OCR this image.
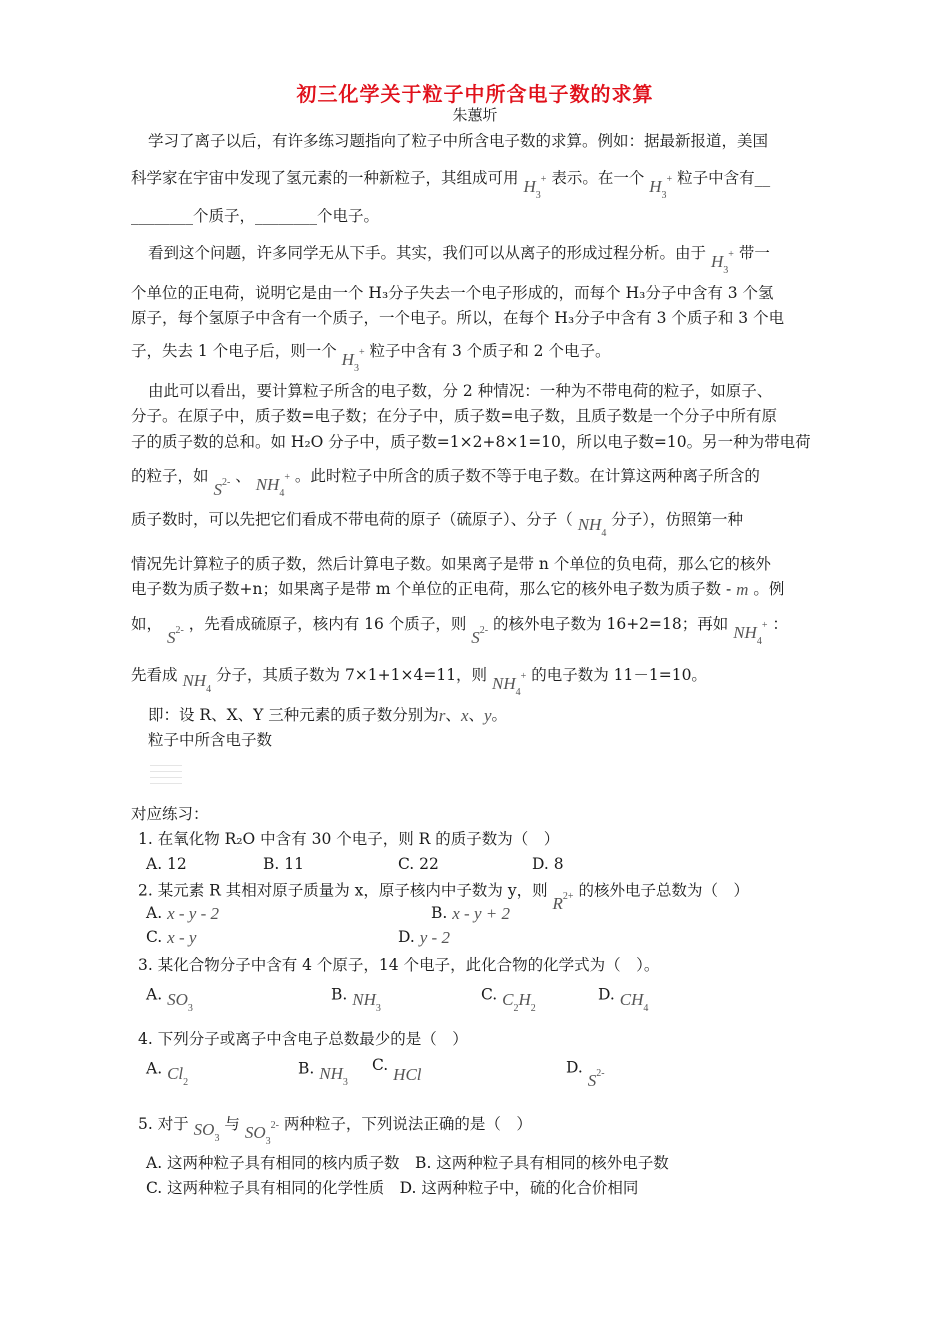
初三化学关于粒子中所含电子数的求算
朱蕙圻
学习了离子以后，有许多练习题指向了粒子中所含电子数的求算。例如：据最新报道，美国
科学家在宇宙中发现了氢元素的一种新粒子，其组成可用 $H_3^+$ 表示。在一个 $H_3^+$ 粒子中含有__
________个质子，________个电子。
看到这个问题，许多同学无从下手。其实，我们可以从离子的形成过程分析。由于 $H_3^+$ 带一
个单位的正电荷，说明它是由一个 H₃分子失去一个电子形成的，而每个 H₃分子中含有 3 个氢
原子，每个氢原子中含有一个质子，一个电子。所以，在每个 H₃分子中含有 3 个质子和 3 个电
子，失去 1 个电子后，则一个 $H_3^+$ 粒子中含有 3 个质子和 2 个电子。
由此可以看出，要计算粒子所含的电子数，分 2 种情况：一种为不带电荷的粒子，如原子、
分子。在原子中，质子数=电子数；在分子中，质子数=电子数，且质子数是一个分子中所有原
子的质子数的总和。如 H₂O 分子中，质子数=1×2+8×1=10，所以电子数=10。另一种为带电荷
的粒子，如 $S^{2-}$ 、 $NH_4^+$ 。此时粒子中所含的质子数不等于电子数。在计算这两种离子所含的
质子数时，可以先把它们看成不带电荷的原子（硫原子）、分子（ $NH_4$ 分子），仿照第一种
情况先计算粒子的质子数，然后计算电子数。如果离子是带 n 个单位的负电荷，那么它的核外
电子数为质子数+n；如果离子是带 m 个单位的正电荷，那么它的核外电子数为质子数 - m 。例
如， $S^{2-}$ ，先看成硫原子，核内有 16 个质子，则 $S^{2-}$ 的核外电子数为 16+2=18；再如 $NH_4^+$ ：
先看成 $NH_4$ 分子，其质子数为 7×1+1×4=11，则 $NH_4^+$ 的电子数为 11－1=10。
即：设 R、X、Y 三种元素的质子数分别为r、x、y。
粒子中所含电子数
对应练习：
1. 在氧化物 R₂O 中含有 30 个电子，则 R 的质子数为（　）
A. 12	B. 11	C. 22	D. 8
2. 某元素 R 其相对原子质量为 x，原子核内中子数为 y，则 $R^{2+}$ 的核外电子总数为（　）
A. x - y - 2	B. x - y + 2
C. x - y	D. y - 2
3. 某化合物分子中含有 4 个原子，14 个电子，此化合物的化学式为（　）。
A. $SO_3$
B. $NH_3$
C. $C_2H_2$
D. $CH_4$
4. 下列分子或离子中含电子总数最少的是（　）
A. $Cl_2$
B. $NH_3$
C. HCl	D. $S^{2-}$
5. 对于 $SO_3$ 与 $SO_3^{2-}$ 两种粒子，下列说法正确的是（　）
A. 这两种粒子具有相同的核内质子数　B. 这两种粒子具有相同的核外电子数
C. 这两种粒子具有相同的化学性质　D. 这两种粒子中，硫的化合价相同
